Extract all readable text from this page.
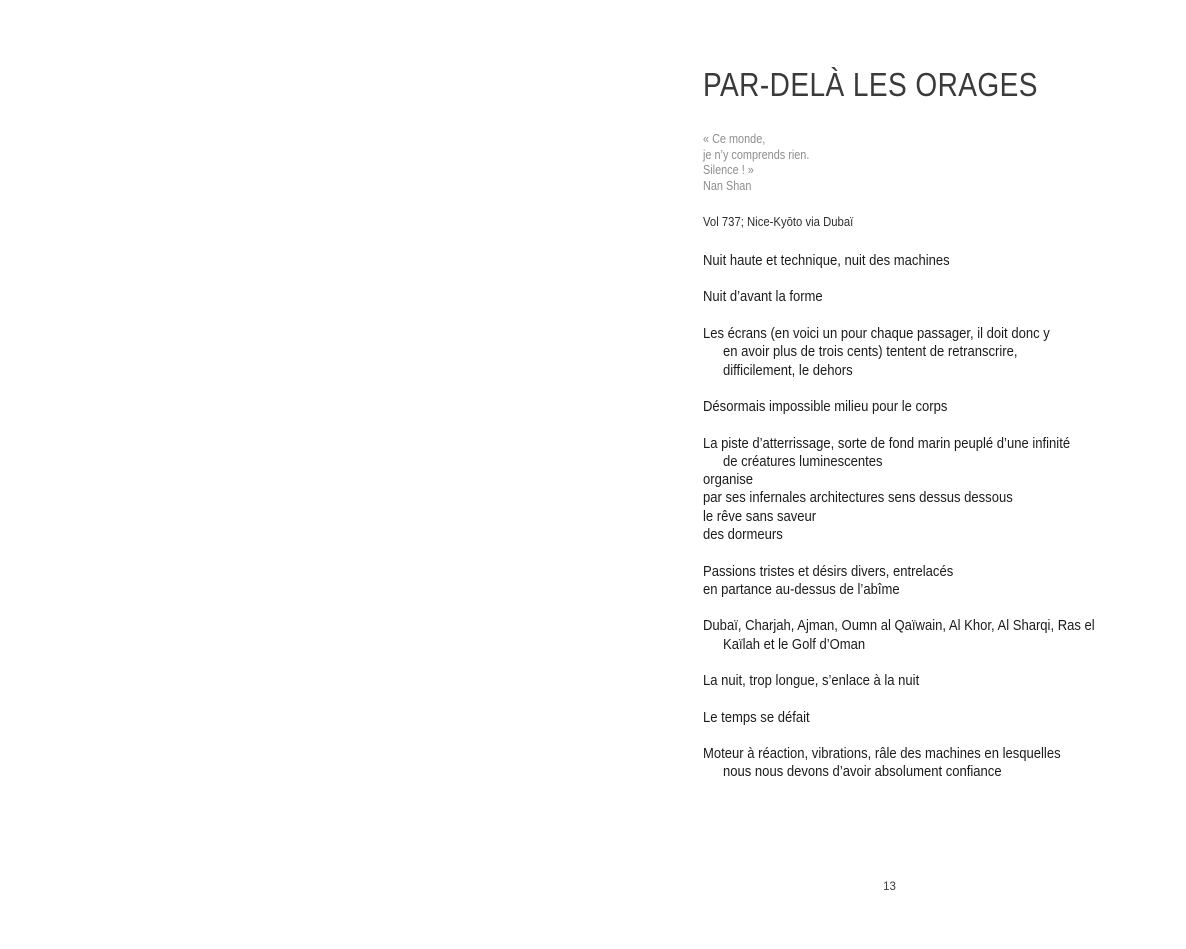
PAR-DELÀ LES ORAGES

« Ce monde,

je n’y comprends rien.

Silence ! »

Nan Shan

Vol 737; Nice-Kyōto via Dubaï

Nuit haute et technique, nuit des machines

Nuit d’avant la forme

Les écrans (en voici un pour chaque passager, il doit donc y

en avoir plus de trois cents) tentent de retranscrire,

difficilement, le dehors

Désormais impossible milieu pour le corps

La piste d’atterrissage, sorte de fond marin peuplé d’une infinité

de créatures luminescentes

organise

par ses infernales architectures sens dessus dessous

le rêve sans saveur

des dormeurs

Passions tristes et désirs divers, entrelacés

en partance au-dessus de l’abîme

Dubaï, Charjah, Ajman, Oumn al Qaïwain, Al Khor, Al Sharqi, Ras el

Kaïlah et le Golf d’Oman

La nuit, trop longue, s’enlace à la nuit

Le temps se défait

Moteur à réaction, vibrations, râle des machines en lesquelles

nous nous devons d’avoir absolument confiance

13
